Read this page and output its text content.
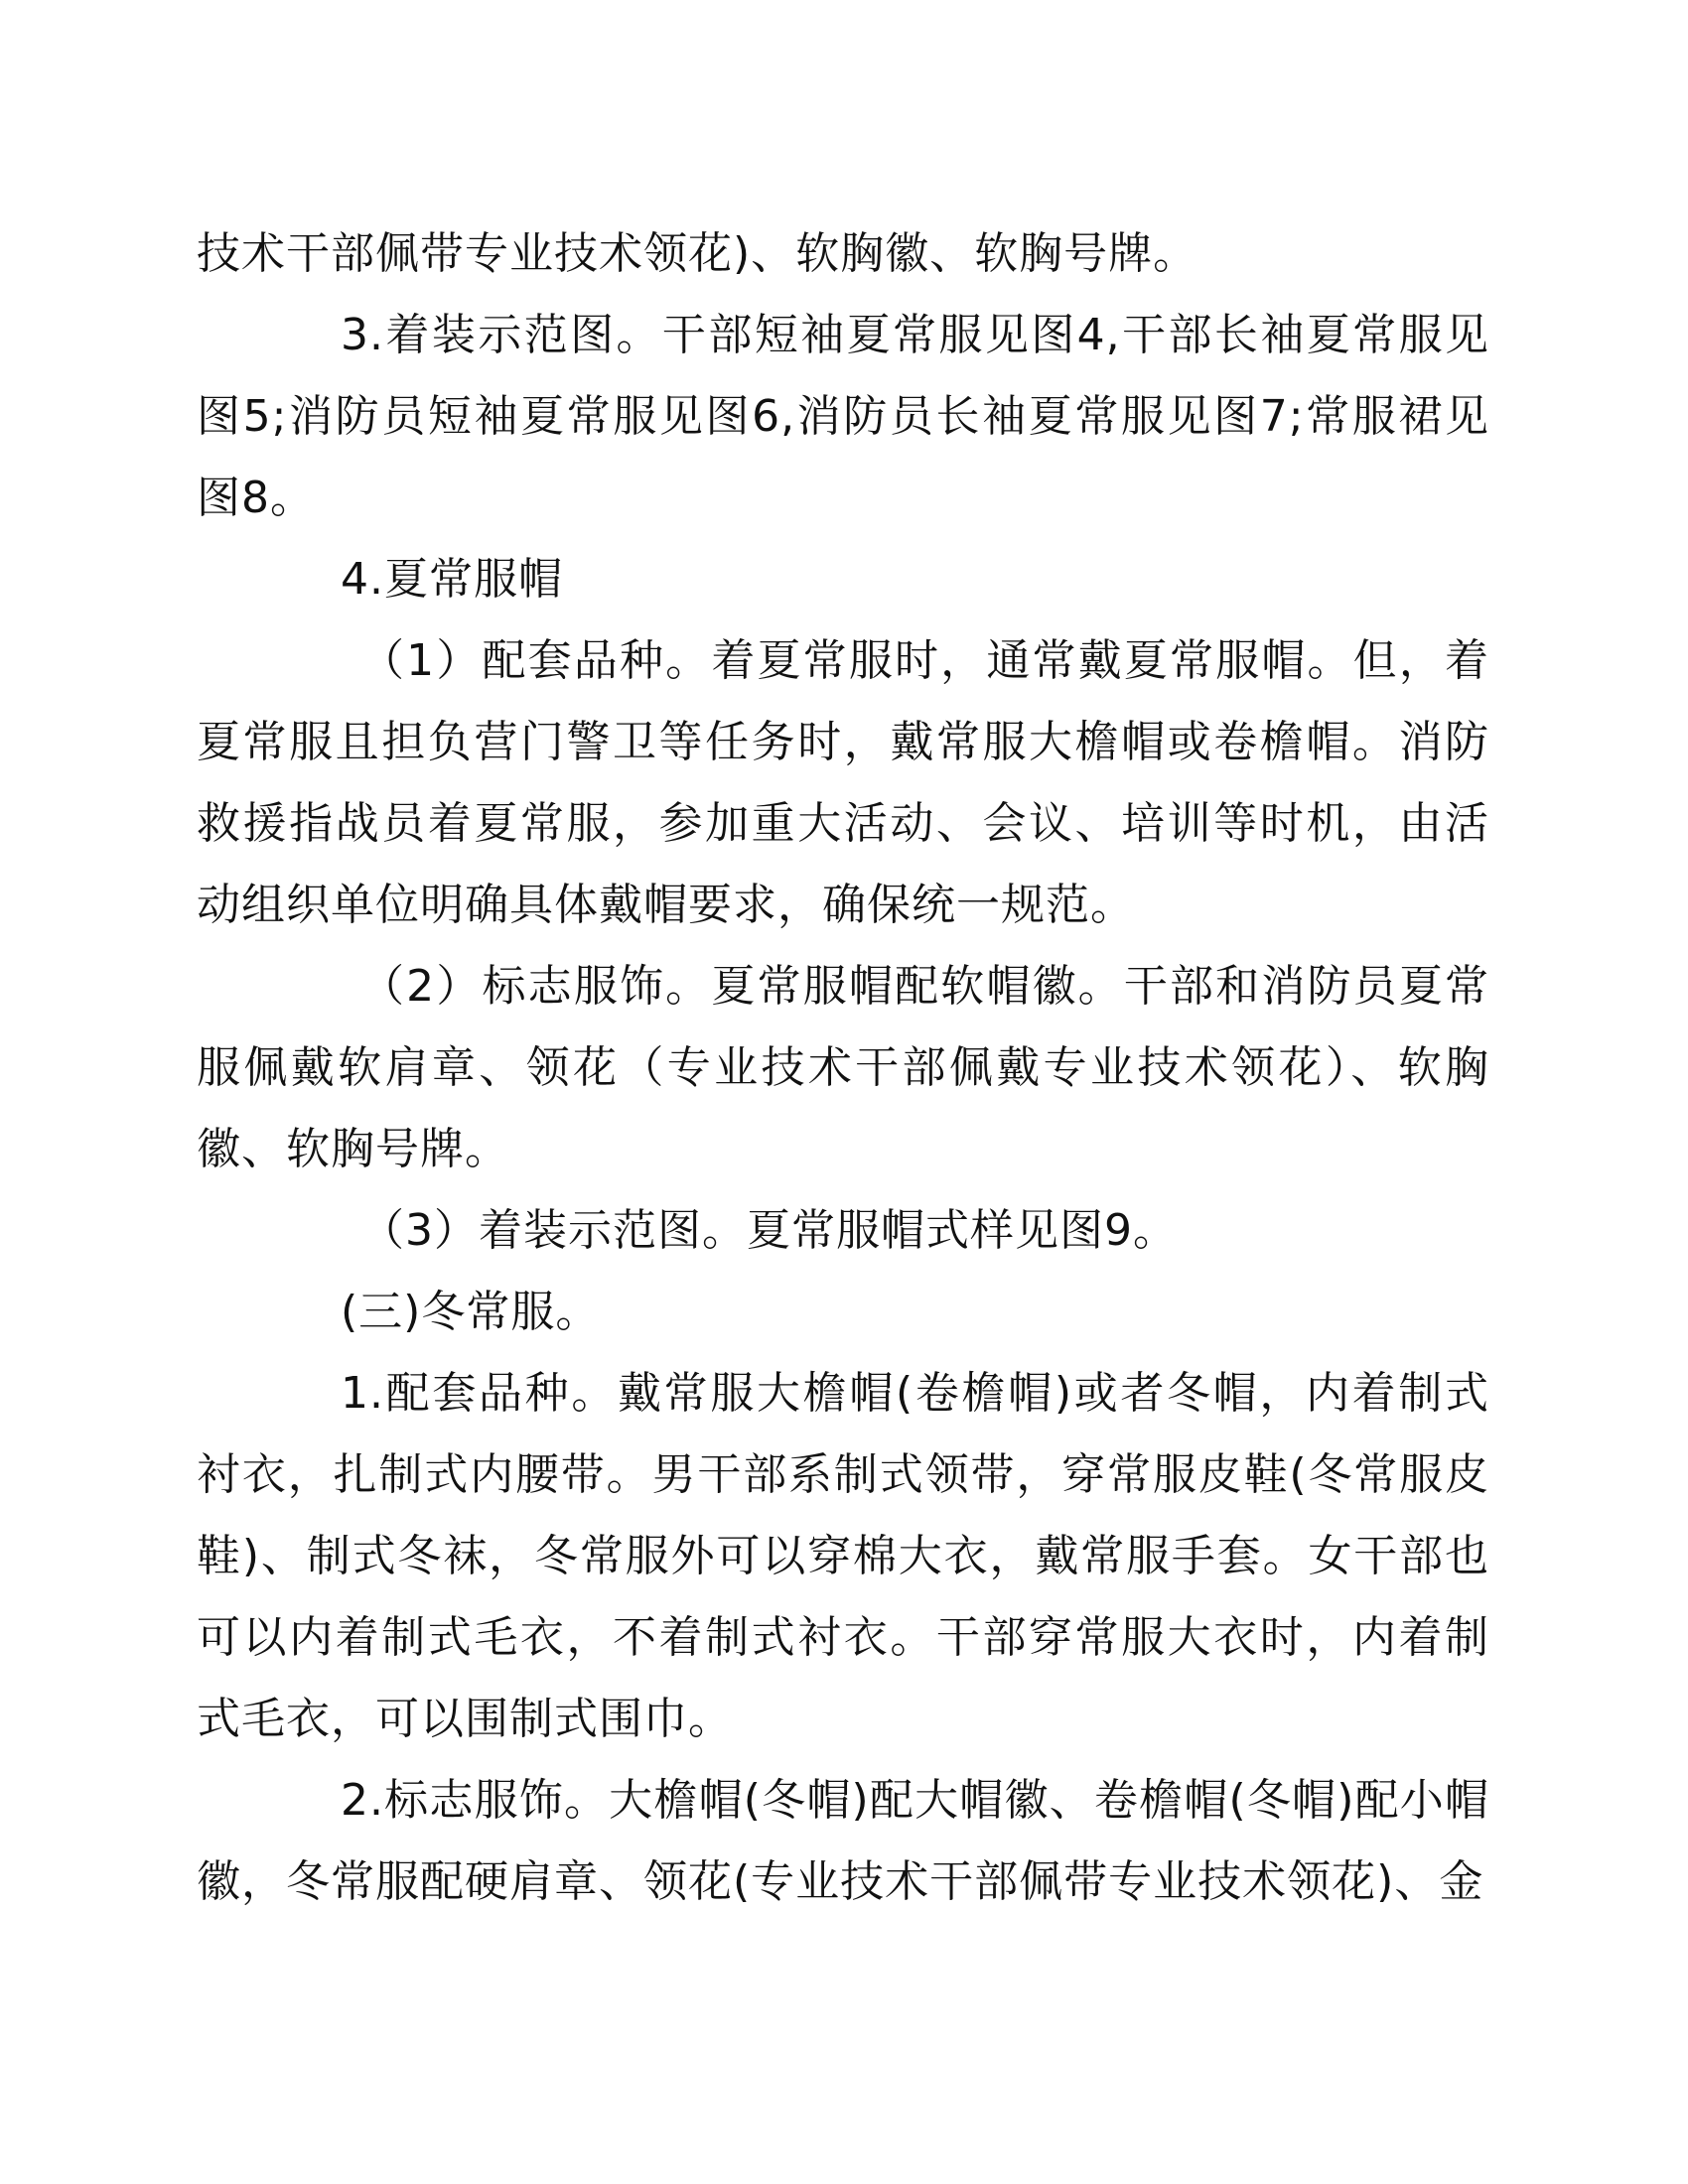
技术干部佩带专业技术领花)、软胸徽、软胸号牌。

3.着装示范图。干部短袖夏常服见图4,干部长袖夏常服见图5;消防员短袖夏常服见图6,消防员长袖夏常服见图7;常服裙见图8。

4.夏常服帽

（1）配套品种。着夏常服时，通常戴夏常服帽。但，着夏常服且担负营门警卫等任务时，戴常服大檐帽或卷檐帽。消防救援指战员着夏常服，参加重大活动、会议、培训等时机，由活动组织单位明确具体戴帽要求，确保统一规范。

（2）标志服饰。夏常服帽配软帽徽。干部和消防员夏常服佩戴软肩章、领花（专业技术干部佩戴专业技术领花）、软胸徽、软胸号牌。

（3）着装示范图。夏常服帽式样见图9。

(三)冬常服。

1.配套品种。戴常服大檐帽(卷檐帽)或者冬帽，内着制式衬衣，扎制式内腰带。男干部系制式领带，穿常服皮鞋(冬常服皮鞋)、制式冬袜，冬常服外可以穿棉大衣，戴常服手套。女干部也可以内着制式毛衣，不着制式衬衣。干部穿常服大衣时，内着制式毛衣，可以围制式围巾。

2.标志服饰。大檐帽(冬帽)配大帽徽、卷檐帽(冬帽)配小帽徽，冬常服配硬肩章、领花(专业技术干部佩带专业技术领花)、金
